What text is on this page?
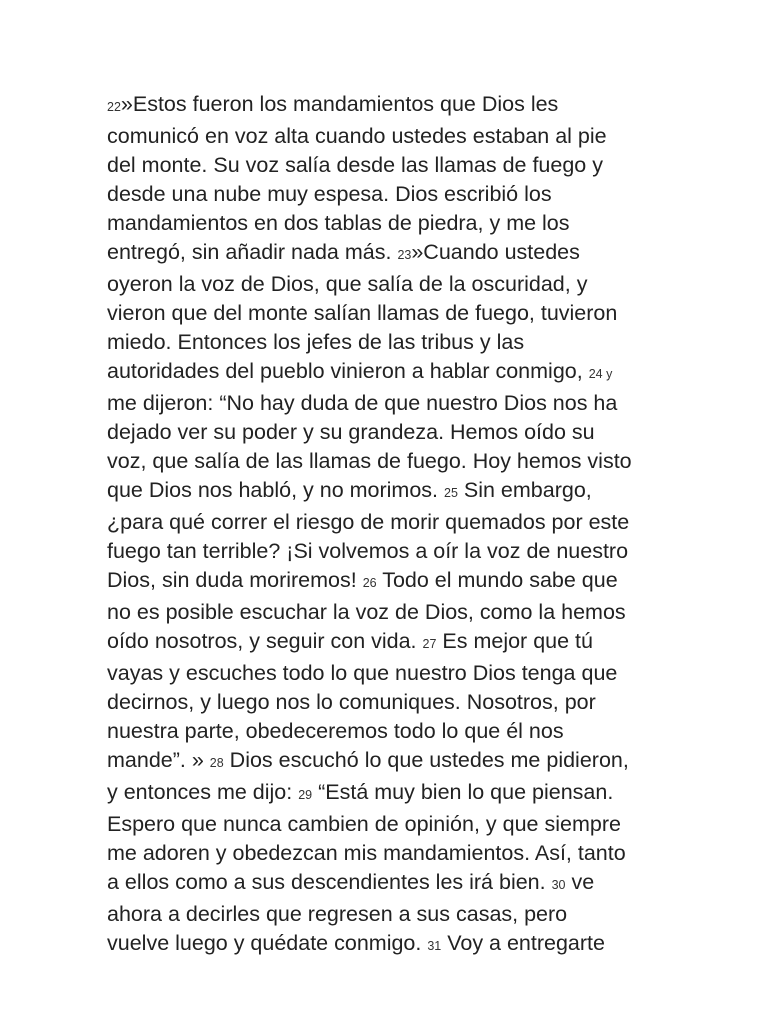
22»Estos fueron los mandamientos que Dios les
comunicó en voz alta cuando ustedes estaban al pie
del monte. Su voz salía desde las llamas de fuego y
desde una nube muy espesa. Dios escribió los
mandamientos en dos tablas de piedra, y me los
entregó, sin añadir nada más. 23»Cuando ustedes
oyeron la voz de Dios, que salía de la oscuridad, y
vieron que del monte salían llamas de fuego, tuvieron
miedo. Entonces los jefes de las tribus y las
autoridades del pueblo vinieron a hablar conmigo, 24 y
me dijeron: “No hay duda de que nuestro Dios nos ha
dejado ver su poder y su grandeza. Hemos oído su
voz, que salía de las llamas de fuego. Hoy hemos visto
que Dios nos habló, y no morimos. 25 Sin embargo,
¿para qué correr el riesgo de morir quemados por este
fuego tan terrible? ¡Si volvemos a oír la voz de nuestro
Dios, sin duda moriremos! 26 Todo el mundo sabe que
no es posible escuchar la voz de Dios, como la hemos
oído nosotros, y seguir con vida. 27 Es mejor que tú
vayas y escuches todo lo que nuestro Dios tenga que
decirnos, y luego nos lo comuniques. Nosotros, por
nuestra parte, obedeceremos todo lo que él nos
mande”. » 28 Dios escuchó lo que ustedes me pidieron,
y entonces me dijo: 29 “Está muy bien lo que piensan.
Espero que nunca cambien de opinión, y que siempre
me adoren y obedezcan mis mandamientos. Así, tanto
a ellos como a sus descendientes les irá bien. 30 ve
ahora a decirles que regresen a sus casas, pero
vuelve luego y quédate conmigo. 31 Voy a entregarte
